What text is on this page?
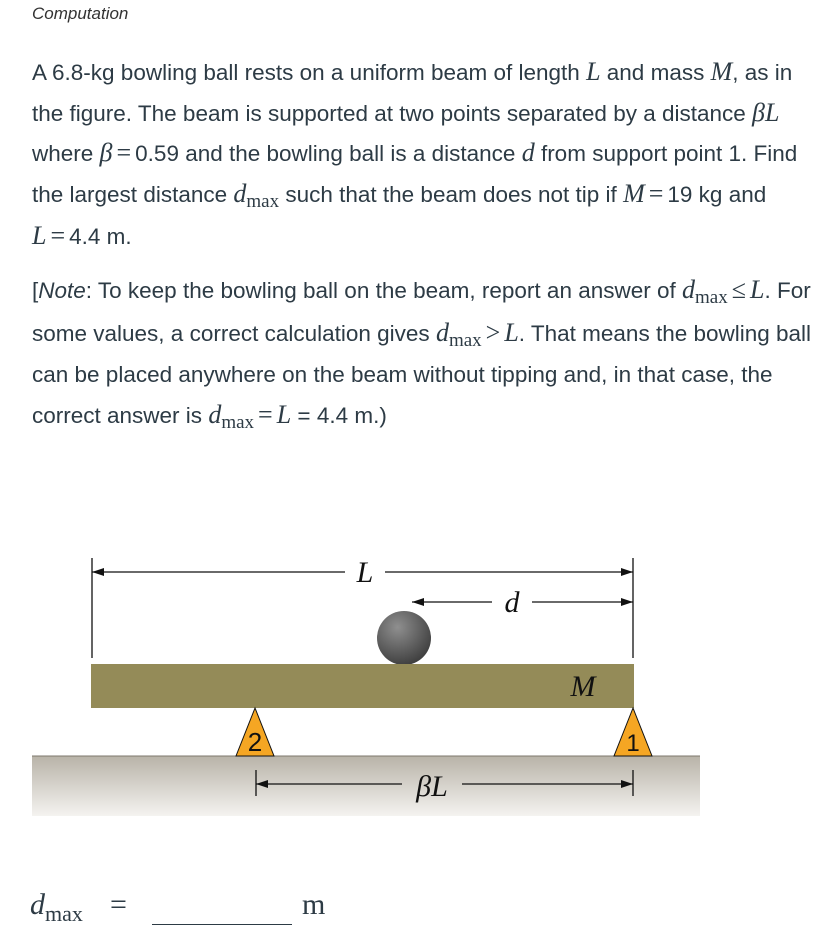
Computation
A 6.8-kg bowling ball rests on a uniform beam of length L and mass M, as in the figure. The beam is supported at two points separated by a distance βL where β = 0.59 and the bowling ball is a distance d from support point 1. Find the largest distance dmax such that the beam does not tip if M = 19 kg and L = 4.4 m.
[Note: To keep the bowling ball on the beam, report an answer of dmax ≤ L. For some values, a correct calculation gives dmax > L. That means the bowling ball can be placed anywhere on the beam without tipping and, in that case, the correct answer is dmax = L = 4.4 m.)
L
d
M
2	1
βL
$d_{max}$ =	m
